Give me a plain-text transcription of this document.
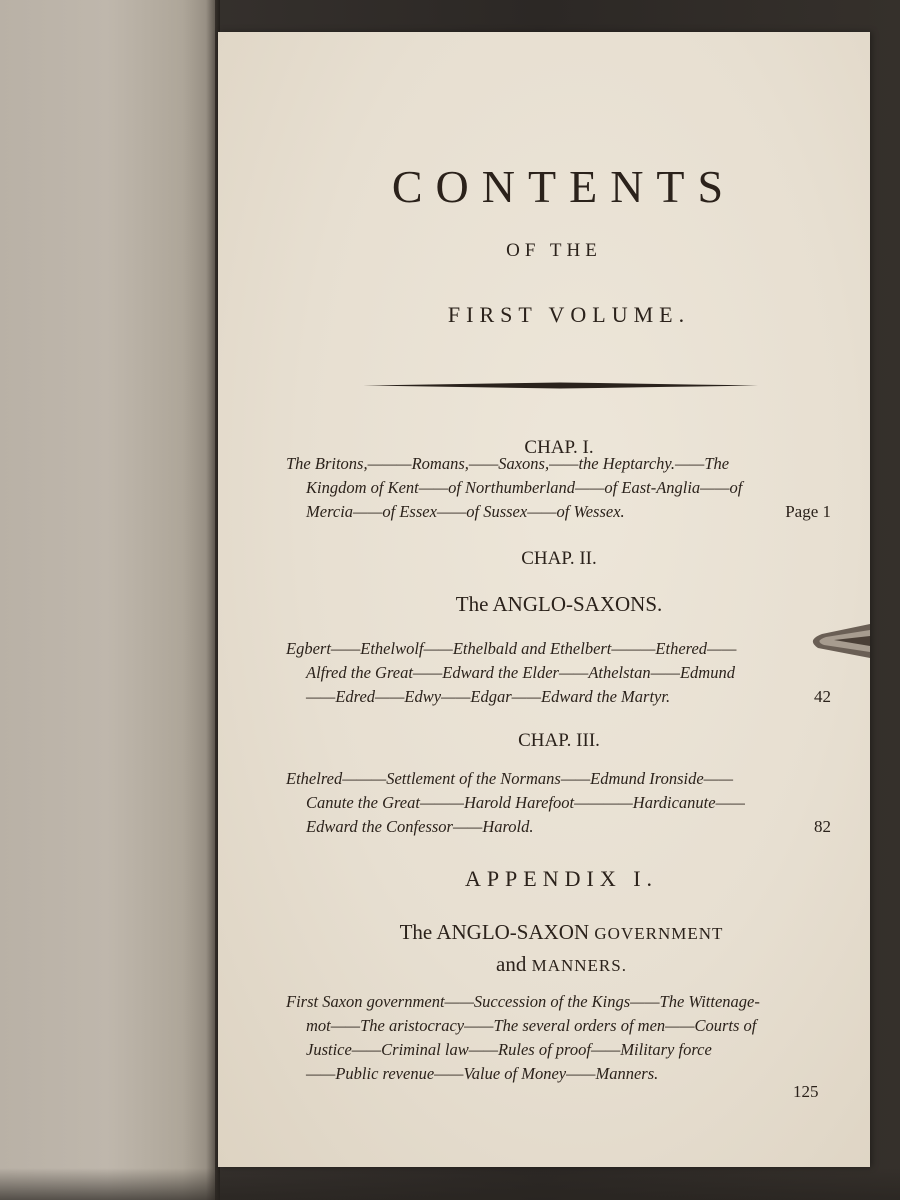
CONTENTS
OF THE
FIRST VOLUME.
CHAP. I.
The Britons,———Romans,——Saxons,——the Heptarchy.——The
Kingdom of Kent——of Northumberland——of East-Anglia——of
Mercia——of Essex——of Sussex——of Wessex.	Page 1
CHAP. II.
The ANGLO-SAXONS.
Egbert——Ethelwolf——Ethelbald and Ethelbert———Ethered——
Alfred the Great——Edward the Elder——Athelstan——Edmund
——Edred——Edwy——Edgar——Edward the Martyr.	42
CHAP. III.
Ethelred———Settlement of the Normans——Edmund Ironside——
Canute the Great———Harold Harefoot————Hardicanute——
Edward the Confessor——Harold.	82
APPENDIX I.
The ANGLO-SAXON GOVERNMENT
and MANNERS.
First Saxon government——Succession of the Kings——The Wittenage-
mot——The aristocracy——The several orders of men——Courts of
Justice——Criminal law——Rules of proof——Military force
——Public revenue——Value of Money——Manners.
125
